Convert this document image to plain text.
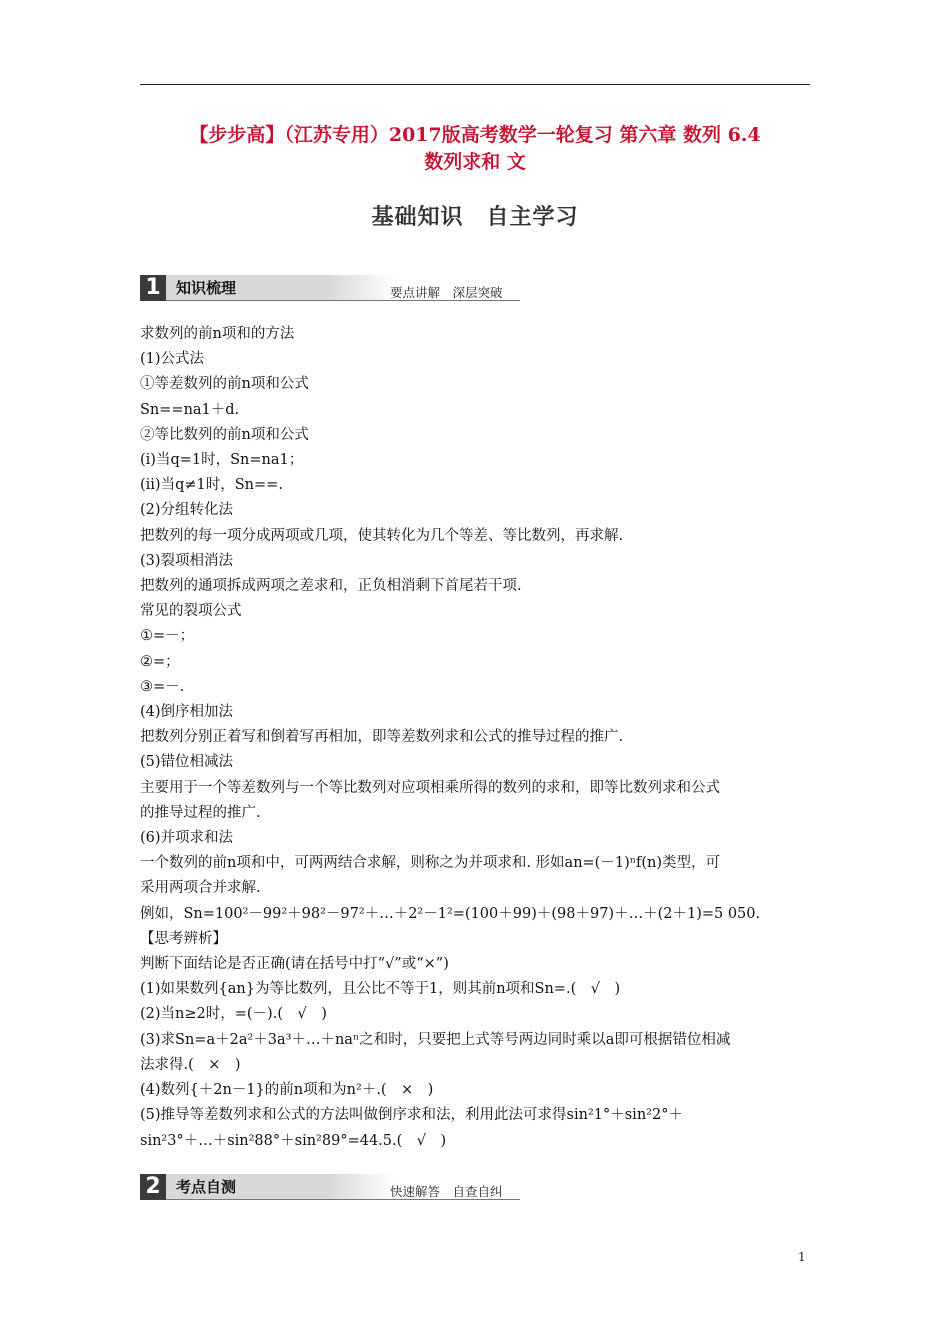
【步步高】（江苏专用）2017版高考数学一轮复习 第六章 数列 6.4
数列求和 文
基础知识　自主学习
1	知识梳理	要点讲解　深层突破

求数列的前n项和的方法

(1)公式法

①等差数列的前n项和公式

Sn==na1＋d.

②等比数列的前n项和公式

(ⅰ)当q=1时，Sn=na1；

(ⅱ)当q≠1时，Sn==.

(2)分组转化法

把数列的每一项分成两项或几项，使其转化为几个等差、等比数列，再求解.

(3)裂项相消法

把数列的通项拆成两项之差求和，正负相消剩下首尾若干项.

常见的裂项公式

①=－；

②=；

③=－.

(4)倒序相加法

把数列分别正着写和倒着写再相加，即等差数列求和公式的推导过程的推广.

(5)错位相减法

主要用于一个等差数列与一个等比数列对应项相乘所得的数列的求和，即等比数列求和公式

的推导过程的推广.

(6)并项求和法

一个数列的前n项和中，可两两结合求解，则称之为并项求和. 形如an=(－1)ⁿf(n)类型，可

采用两项合并求解.

例如，Sn=100²－99²＋98²－97²＋…＋2²－1²=(100＋99)＋(98＋97)＋…＋(2＋1)=5 050.

【思考辨析】

判断下面结论是否正确(请在括号中打“√”或“×”)

(1)如果数列{an}为等比数列，且公比不等于1，则其前n项和Sn=.(　√　)

(2)当n≥2时，=(－).(　√　)

(3)求Sn=a＋2a²＋3a³＋…＋naⁿ之和时，只要把上式等号两边同时乘以a即可根据错位相减

法求得.(　×　)

(4)数列{＋2n－1}的前n项和为n²＋.(　×　)

(5)推导等差数列求和公式的方法叫做倒序求和法，利用此法可求得sin²1°＋sin²2°＋

sin²3°＋…＋sin²88°＋sin²89°=44.5.(　√　)

2	考点自测	快速解答　自查自纠
1
